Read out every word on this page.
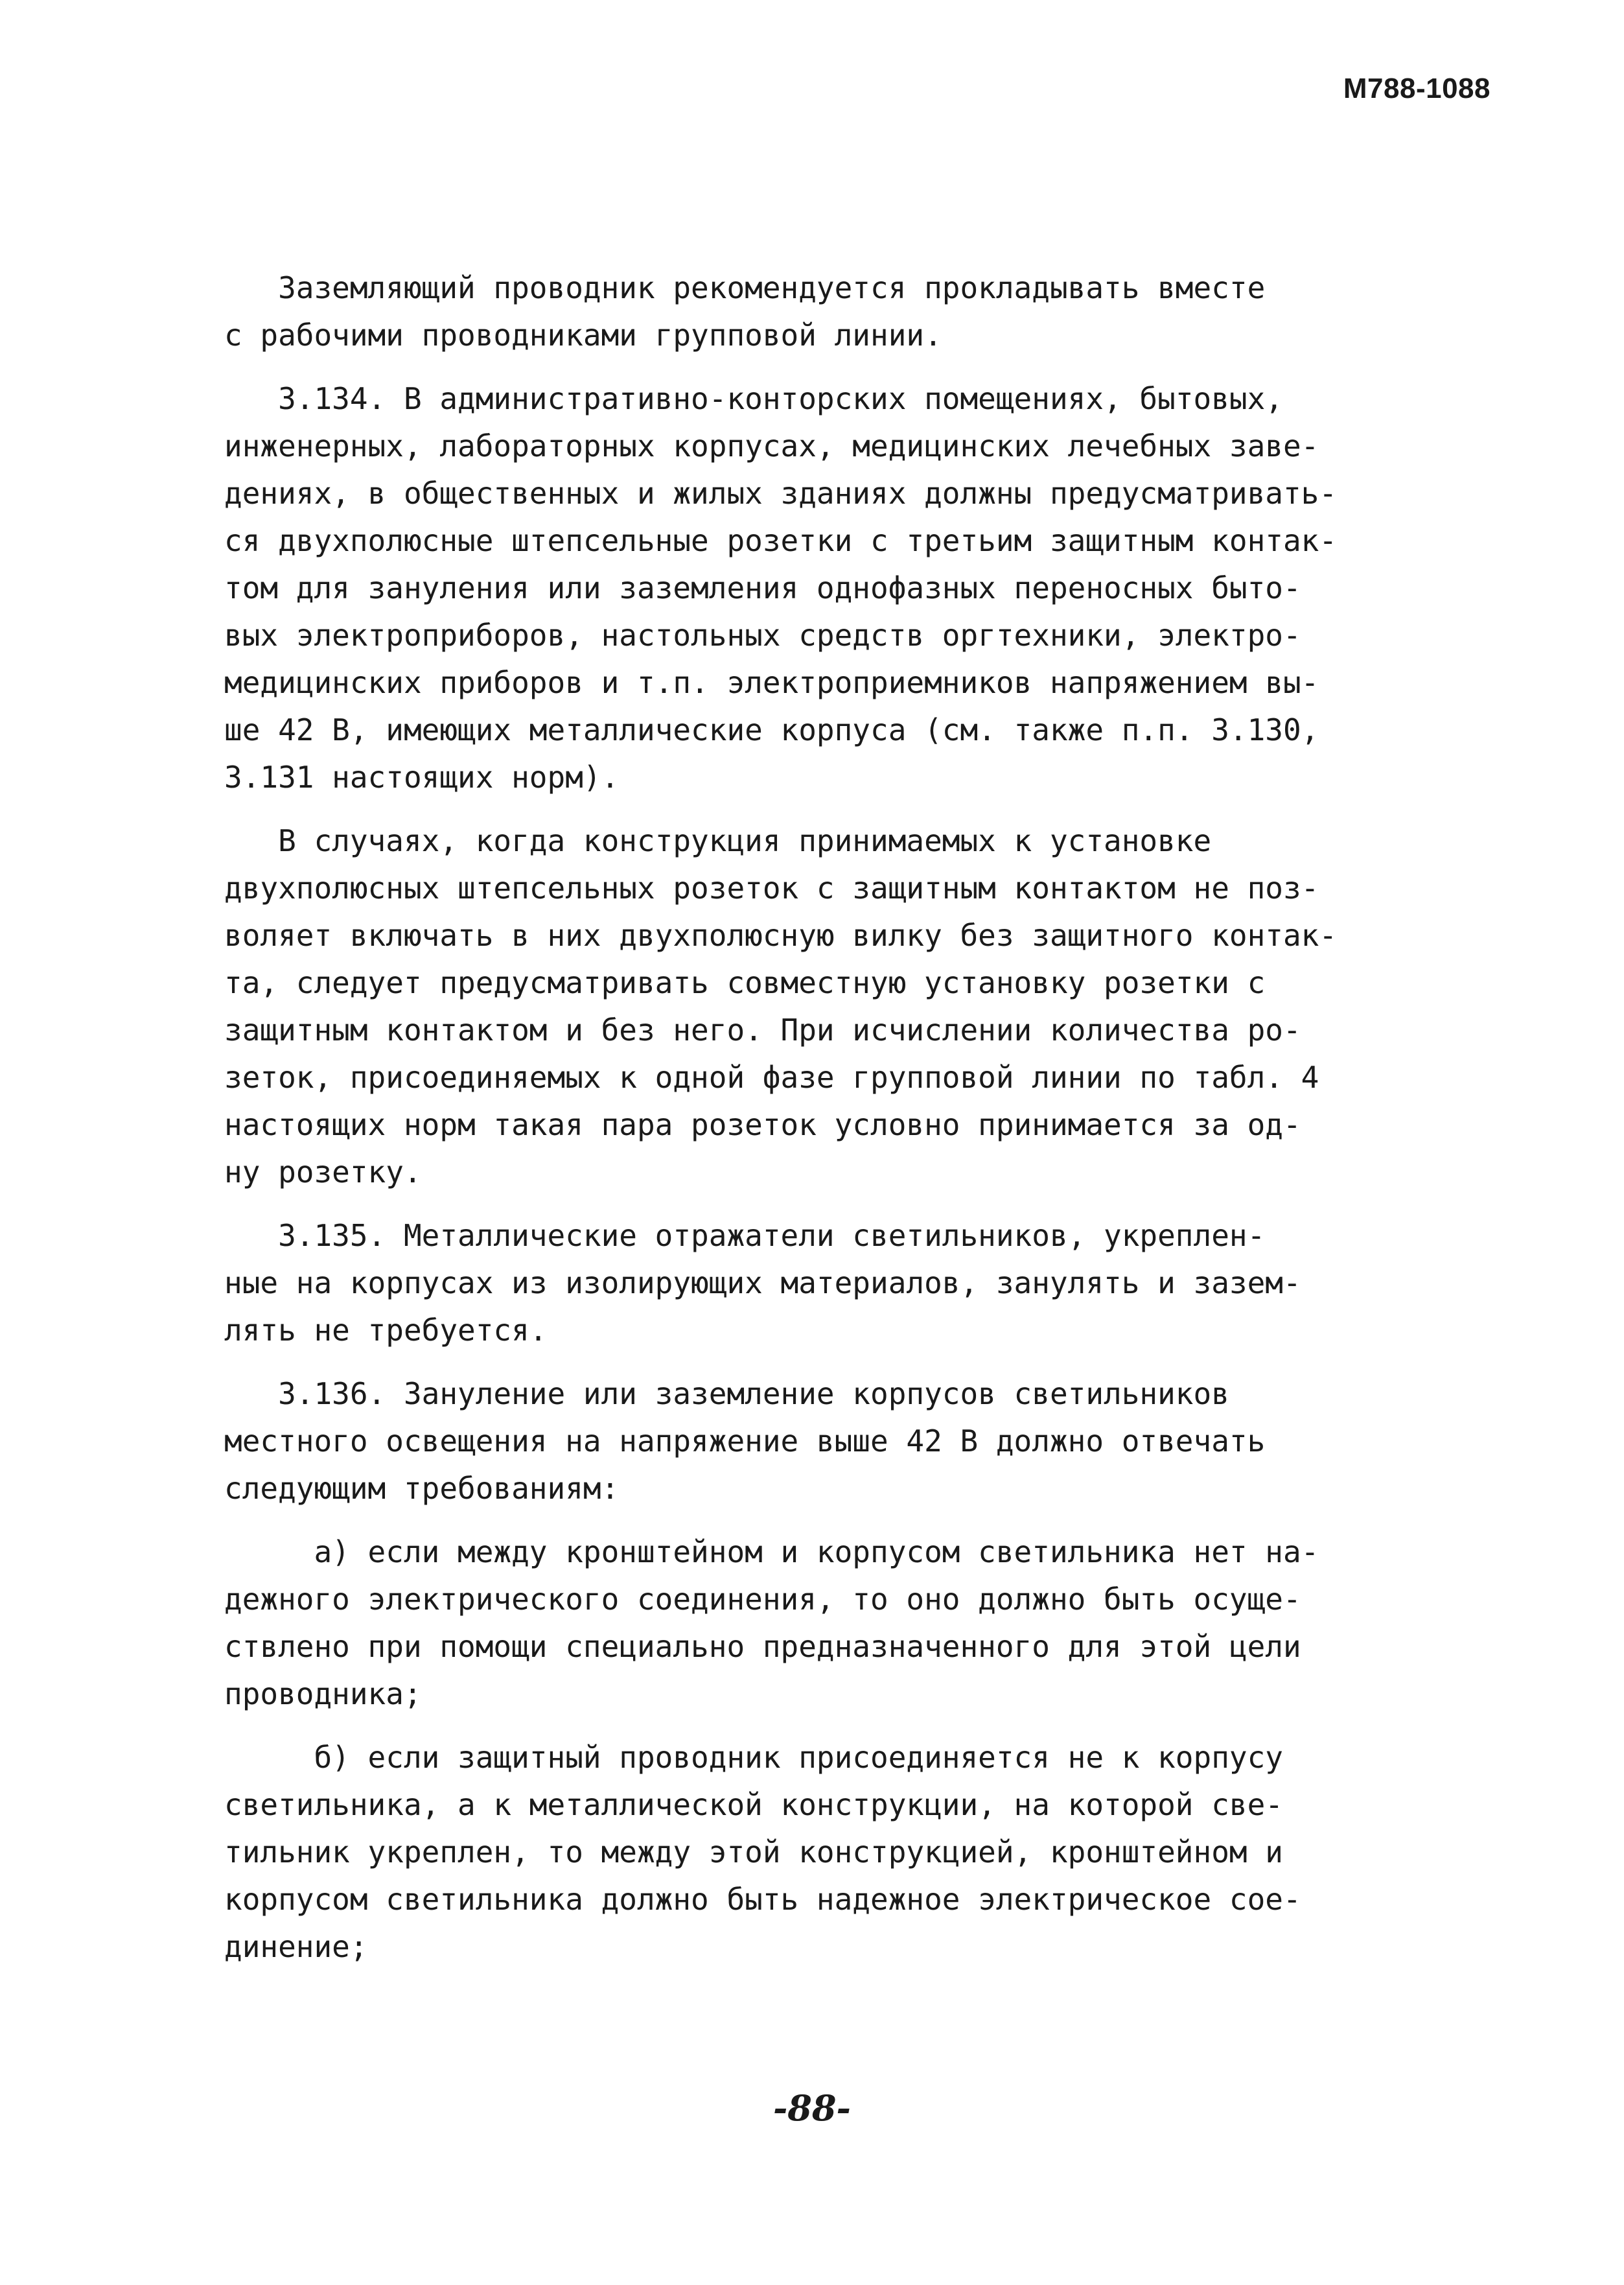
М788-1088
Заземляющий проводник рекомендуется прокладывать вместе
с рабочими проводниками групповой линии.
3.134. В административно-конторских помещениях, бытовых,
инженерных, лабораторных корпусах, медицинских лечебных заве-
дениях, в общественных и жилых зданиях должны предусматривать-
ся двухполюсные штепсельные розетки с третьим защитным контак-
том для зануления или заземления однофазных переносных быто-
вых электроприборов, настольных средств оргтехники, электро-
медицинских приборов и т.п. электроприемников напряжением вы-
ше 42 В, имеющих металлические корпуса (см. также п.п. 3.130,
3.131 настоящих норм).
В случаях, когда конструкция принимаемых к установке
двухполюсных штепсельных розеток с защитным контактом не поз-
воляет включать в них двухполюсную вилку без защитного контак-
та, следует предусматривать совместную установку розетки с
защитным контактом и без него. При исчислении количества ро-
зеток, присоединяемых к одной фазе групповой линии по табл. 4
настоящих норм такая пара розеток условно принимается за од-
ну розетку.
3.135. Металлические отражатели светильников, укреплен-
ные на корпусах из изолирующих материалов, занулять и зазем-
лять не требуется.
3.136. Зануление или заземление корпусов светильников
местного освещения на напряжение выше 42 В должно отвечать
следующим требованиям:
а) если между кронштейном и корпусом светильника нет на-
дежного электрического соединения, то оно должно быть осуще-
ствлено при помощи специально предназначенного для этой цели
проводника;
б) если защитный проводник присоединяется не к корпусу
светильника, а к металлической конструкции, на которой све-
тильник укреплен, то между этой конструкцией, кронштейном и
корпусом светильника должно быть надежное электрическое сое-
динение;
-88-
